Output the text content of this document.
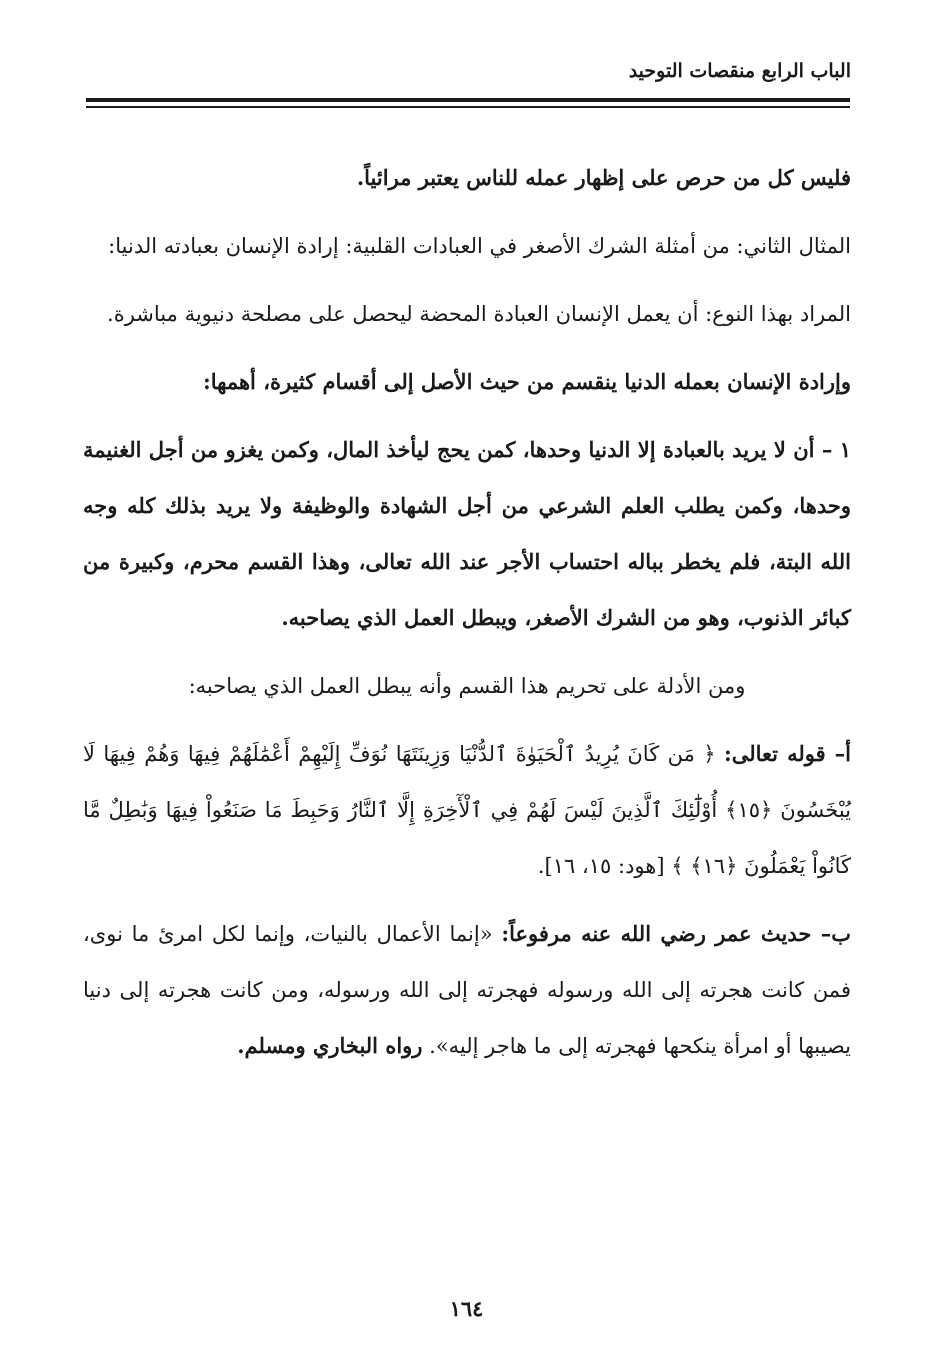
الباب الرابع منقصات التوحيد

فليس كل من حرص على إظهار عمله للناس يعتبر مرائياً.

المثال الثاني: من أمثلة الشرك الأصغر في العبادات القلبية: إرادة الإنسان بعبادته الدنيا:

المراد بهذا النوع: أن يعمل الإنسان العبادة المحضة ليحصل على مصلحة دنيوية مباشرة.

وإرادة الإنسان بعمله الدنيا ينقسم من حيث الأصل إلى أقسام كثيرة، أهمها:

١ – أن لا يريد بالعبادة إلا الدنيا وحدها، كمن يحج ليأخذ المال، وكمن يغزو من أجل الغنيمة وحدها، وكمن يطلب العلم الشرعي من أجل الشهادة والوظيفة ولا يريد بذلك كله وجه الله البتة، فلم يخطر بباله احتساب الأجر عند الله تعالى، وهذا القسم محرم، وكبيرة من كبائر الذنوب، وهو من الشرك الأصغر، ويبطل العمل الذي يصاحبه.

ومن الأدلة على تحريم هذا القسم وأنه يبطل العمل الذي يصاحبه:

أ– قوله تعالى: ﴿ مَن كَانَ يُرِيدُ ٱلْحَيَوٰةَ ٱلدُّنْيَا وَزِينَتَهَا نُوَفِّ إِلَيْهِمْ أَعْمَٰلَهُمْ فِيهَا وَهُمْ فِيهَا لَا يُبْخَسُونَ ﴿١٥﴾ أُوْلَٰٓئِكَ ٱلَّذِينَ لَيْسَ لَهُمْ فِي ٱلْأٓخِرَةِ إِلَّا ٱلنَّارُ وَحَبِطَ مَا صَنَعُواْ فِيهَا وَبَٰطِلٌ مَّا كَانُواْ يَعْمَلُونَ ﴿١٦﴾ ﴾ [هود: ١٥، ١٦].

ب– حديث عمر رضي الله عنه مرفوعاً: «إنما الأعمال بالنيات، وإنما لكل امرئ ما نوى، فمن كانت هجرته إلى الله ورسوله فهجرته إلى الله ورسوله، ومن كانت هجرته إلى دنيا يصيبها أو امرأة ينكحها فهجرته إلى ما هاجر إليه». رواه البخاري ومسلم.

١٦٤
